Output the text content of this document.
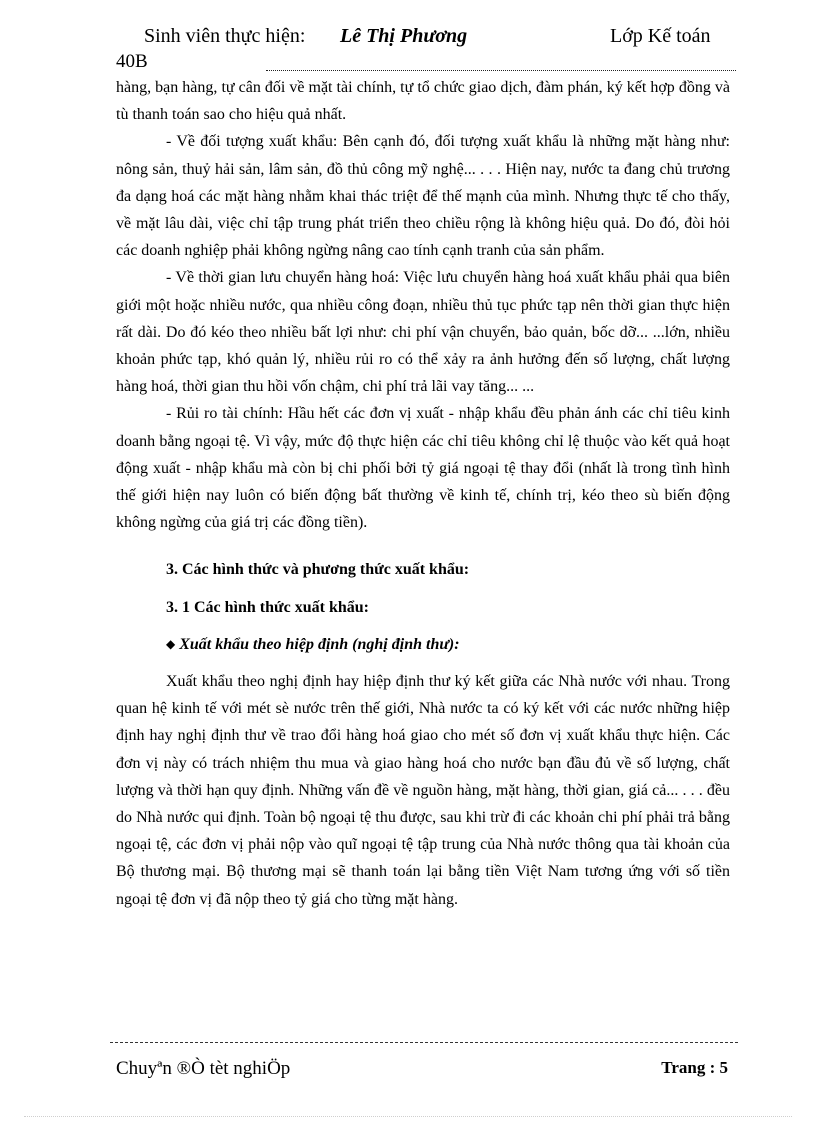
Sinh viên thực hiện: Lê Thị Phương	Lớp Kế toán
40B

hàng, bạn hàng, tự cân đối về mặt tài chính, tự tổ chức giao dịch, đàm phán, ký kết hợp đồng và tù thanh toán sao cho hiệu quả nhất.

- Về đối tượng xuất khẩu: Bên cạnh đó, đối tượng xuất khẩu là những mặt hàng như: nông sản, thuỷ hải sản, lâm sản, đồ thủ công mỹ nghệ... . . . Hiện nay, nước ta đang chủ trương đa dạng hoá các mặt hàng nhằm khai thác triệt để thế mạnh của mình. Nhưng thực tế cho thấy, về mặt lâu dài, việc chỉ tập trung phát triển theo chiều rộng là không hiệu quả. Do đó, đòi hỏi các doanh nghiệp phải không ngừng nâng cao tính cạnh tranh của sản phẩm.

- Về thời gian lưu chuyển hàng hoá: Việc lưu chuyển hàng hoá xuất khẩu phải qua biên giới một hoặc nhiều nước, qua nhiều công đoạn, nhiều thủ tục phức tạp nên thời gian thực hiện rất dài. Do đó kéo theo nhiều bất lợi như: chi phí vận chuyển, bảo quản, bốc dỡ... ...lớn, nhiều khoản phức tạp, khó quản lý, nhiều rủi ro có thể xảy ra ảnh hưởng đến số lượng, chất lượng hàng hoá, thời gian thu hồi vốn chậm, chi phí trả lãi vay tăng... ...

- Rủi ro tài chính: Hầu hết các đơn vị xuất - nhập khẩu đều phản ánh các chỉ tiêu kinh doanh bằng ngoại tệ. Vì vậy, mức độ thực hiện các chỉ tiêu không chỉ lệ thuộc vào kết quả hoạt động xuất - nhập khẩu mà còn bị chi phối bởi tỷ giá ngoại tệ thay đổi (nhất là trong tình hình thế giới hiện nay luôn có biến động bất thường về kinh tế, chính trị, kéo theo sù biến động không ngừng của giá trị các đồng tiền).

3. Các hình thức và phương thức xuất khẩu:

3. 1 Các hình thức xuất khẩu:

◆ Xuất khẩu theo hiệp định (nghị định thư):

Xuất khẩu theo nghị định hay hiệp định thư ký kết giữa các Nhà nước với nhau. Trong quan hệ kinh tế với mét sè nước trên thế giới, Nhà nước ta có ký kết với các nước những hiệp định hay nghị định thư về trao đổi hàng hoá giao cho mét số đơn vị xuất khẩu thực hiện. Các đơn vị này có trách nhiệm thu mua và giao hàng hoá cho nước bạn đầu đủ về số lượng, chất lượng và thời hạn quy định. Những vấn đề về nguồn hàng, mặt hàng, thời gian, giá cả... . . . đều do Nhà nước qui định. Toàn bộ ngoại tệ thu được, sau khi trừ đi các khoản chi phí phải trả bằng ngoại tệ, các đơn vị phải nộp vào quĩ ngoại tệ tập trung của Nhà nước thông qua tài khoản của Bộ thương mại. Bộ thương mại sẽ thanh toán lại bằng tiền Việt Nam tương ứng với số tiền ngoại tệ đơn vị đã nộp theo tỷ giá cho từng mặt hàng.

Chuyªn ®Ò tèt nghiÖp	Trang : 5
